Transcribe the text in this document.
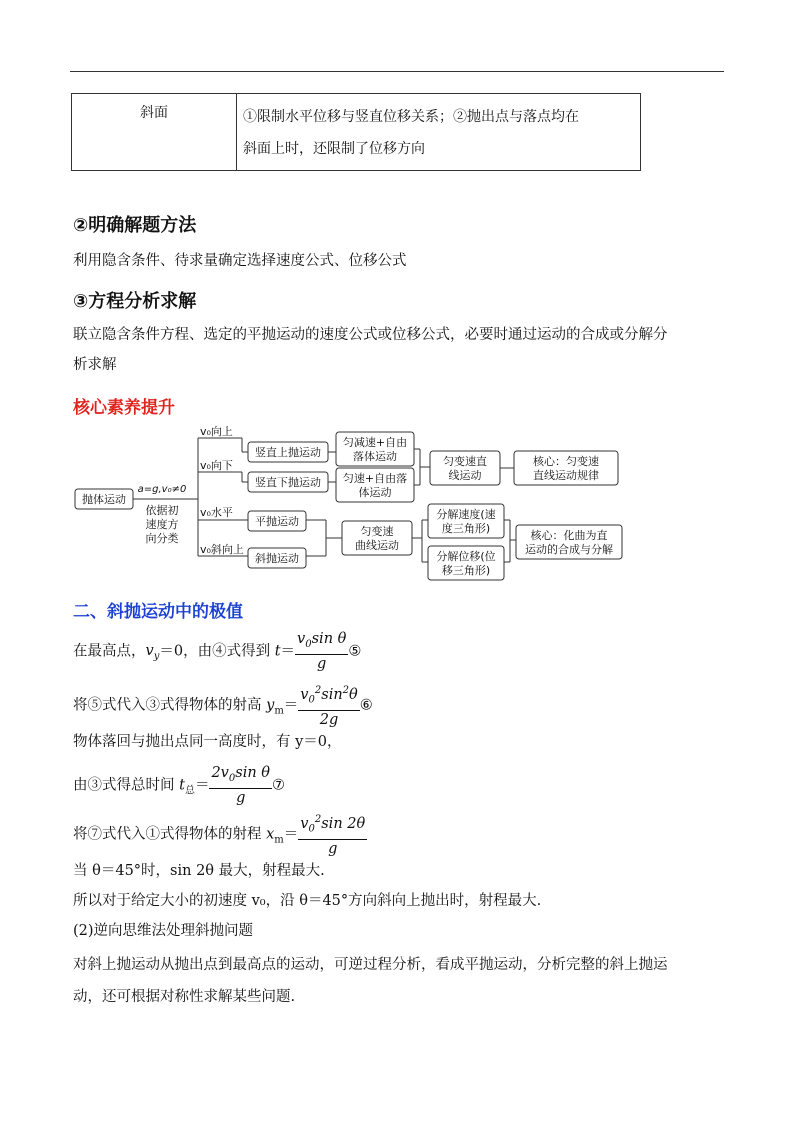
斜面	①限制水平位移与竖直位移关系；②抛出点与落点均在
斜面上时，还限制了位移方向
②明确解题方法
利用隐含条件、待求量确定选择速度公式、位移公式
③方程分析求解
联立隐含条件方程、选定的平抛运动的速度公式或位移公式，必要时通过运动的合成或分解分
析求解
核心素养提升
抛体运动
a=g,v₀≠0
依据初
速度方
向分类
v₀向上
v₀向下
v₀水平
v₀斜向上
竖直上抛运动
竖直下抛运动
平抛运动
斜抛运动
匀减速+自由
落体运动
匀速+自由落
体运动
匀变速直
线运动
核心：匀变速
直线运动规律
匀变速
曲线运动
分解速度(速
度三角形)
分解位移(位
移三角形)
核心：化曲为直
运动的合成与分解
二、斜抛运动中的极值
在最高点，$v_y=0$，由④式得到 $t= \frac{v_0\sin \theta}{g}$ ⑤
将⑤式代入③式得物体的射高 $y_m= \frac{v_0^2\sin^2\theta}{2g}$ ⑥
物体落回与抛出点同一高度时，有 y＝0，
由③式得总时间 $t_总= \frac{2v_0\sin \theta}{g}$ ⑦
将⑦式代入①式得物体的射程 $x_m= \frac{v_0^2\sin 2\theta}{g}$
当 θ＝45°时，sin 2θ 最大，射程最大.
所以对于给定大小的初速度 v₀，沿 θ＝45°方向斜向上抛出时，射程最大.
(2)逆向思维法处理斜抛问题
对斜上抛运动从抛出点到最高点的运动，可逆过程分析，看成平抛运动，分析完整的斜上抛运
动，还可根据对称性求解某些问题.
